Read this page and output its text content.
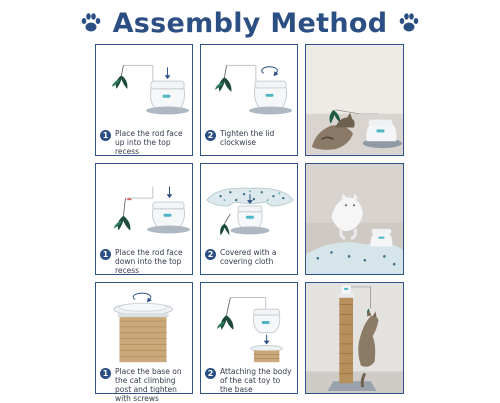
Assembly Method
1 Place the rod face up into the top recess
2 Tighten the lid clockwise
1 Place the rod face down into the top recess
2 Covered with a covering cloth
1 Place the base on the cat climbing post and tighten with screws
2 Attaching the body of the cat toy to the base
